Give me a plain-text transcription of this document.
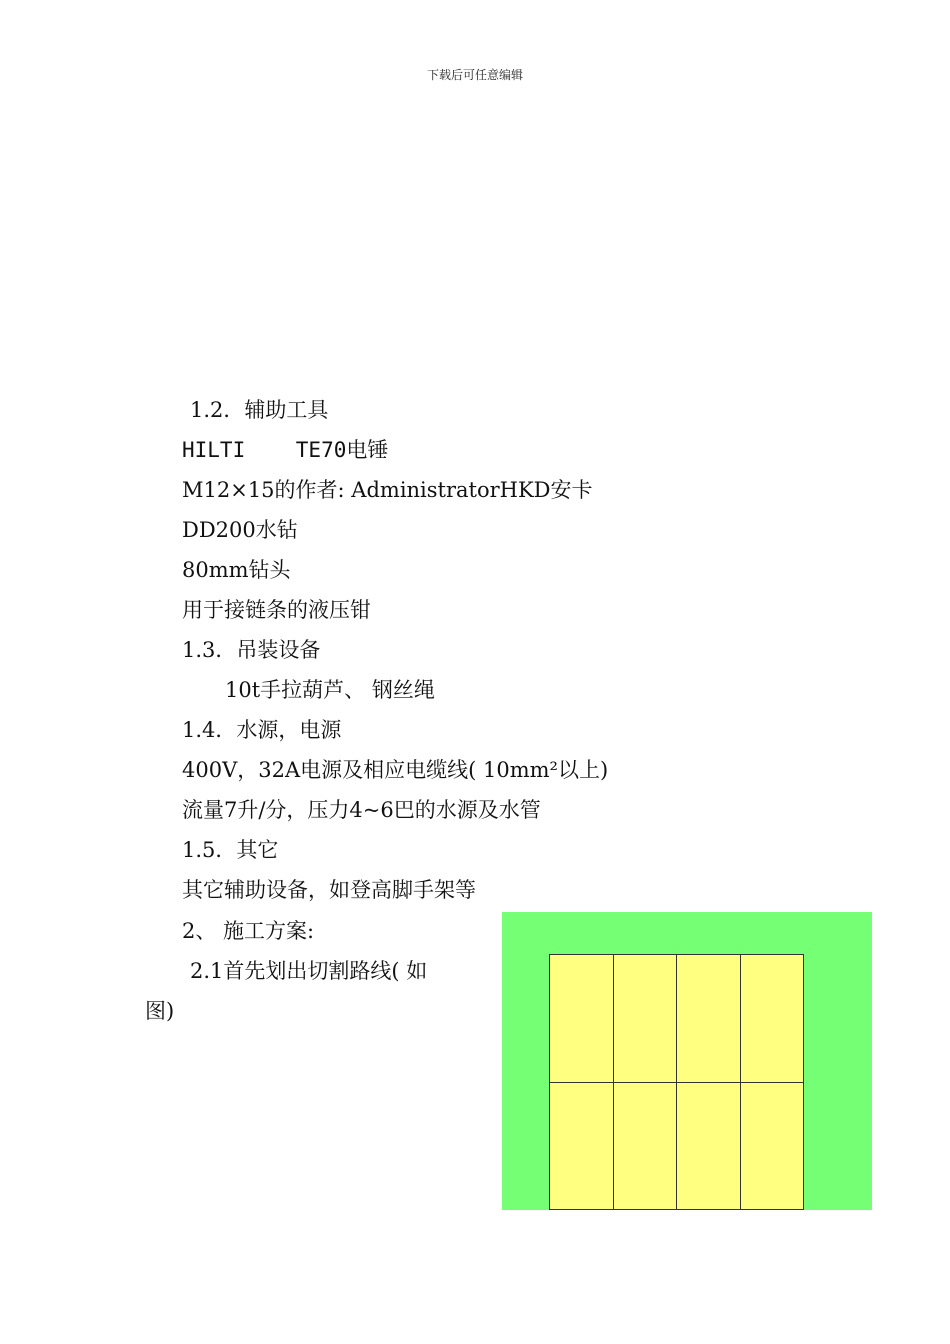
下载后可任意编辑
1.2．辅助工具
HILTI    TE70电锤
M12×15的作者: AdministratorHKD安卡
DD200水钻
80mm钻头
用于接链条的液压钳
1.3．吊装设备
10t手拉葫芦、 钢丝绳
1.4．水源，电源
400V，32A电源及相应电缆线( 10mm²以上)
流量7升/分，压力4~6巴的水源及水管
1.5．其它
其它辅助设备，如登高脚手架等
2、 施工方案:
2.1首先划出切割路线( 如
图)
